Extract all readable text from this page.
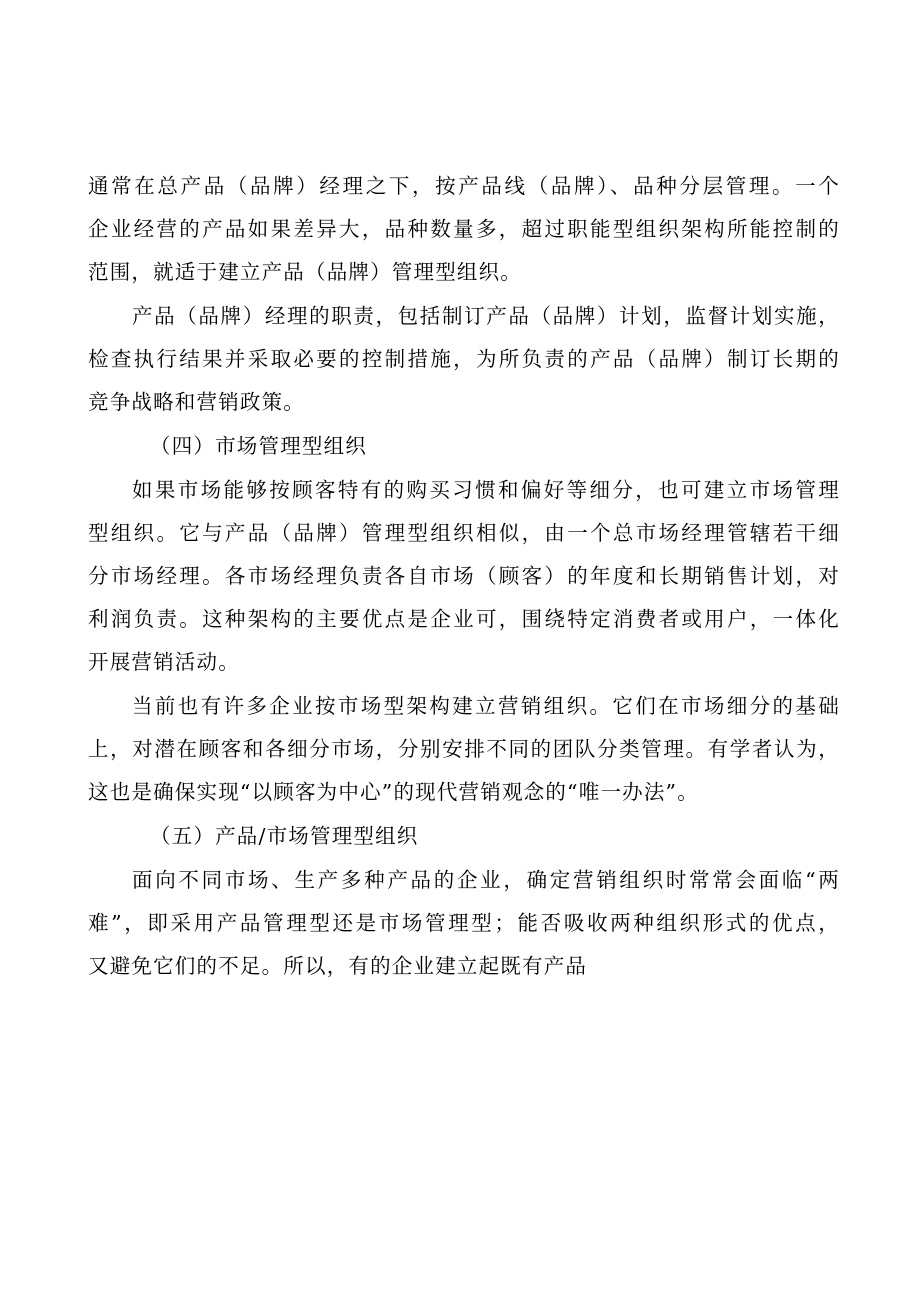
通常在总产品（品牌）经理之下，按产品线（品牌）、品种分层管理。一个
企业经营的产品如果差异大，品种数量多，超过职能型组织架构所能控制的
范围，就适于建立产品（品牌）管理型组织。

产品（品牌）经理的职责，包括制订产品（品牌）计划，监督计划实施，
检查执行结果并采取必要的控制措施，为所负责的产品（品牌）制订长期的
竞争战略和营销政策。

（四）市场管理型组织

如果市场能够按顾客特有的购买习惯和偏好等细分，也可建立市场管理
型组织。它与产品（品牌）管理型组织相似，由一个总市场经理管辖若干细
分市场经理。各市场经理负责各自市场（顾客）的年度和长期销售计划，对
利润负责。这种架构的主要优点是企业可，围绕特定消费者或用户，一体化
开展营销活动。

当前也有许多企业按市场型架构建立营销组织。它们在市场细分的基础
上，对潜在顾客和各细分市场，分别安排不同的团队分类管理。有学者认为，
这也是确保实现“以顾客为中心”的现代营销观念的“唯一办法”。

（五）产品/市场管理型组织

面向不同市场、生产多种产品的企业，确定营销组织时常常会面临“两
难”，即采用产品管理型还是市场管理型；能否吸收两种组织形式的优点，
又避免它们的不足。所以，有的企业建立起既有产品
